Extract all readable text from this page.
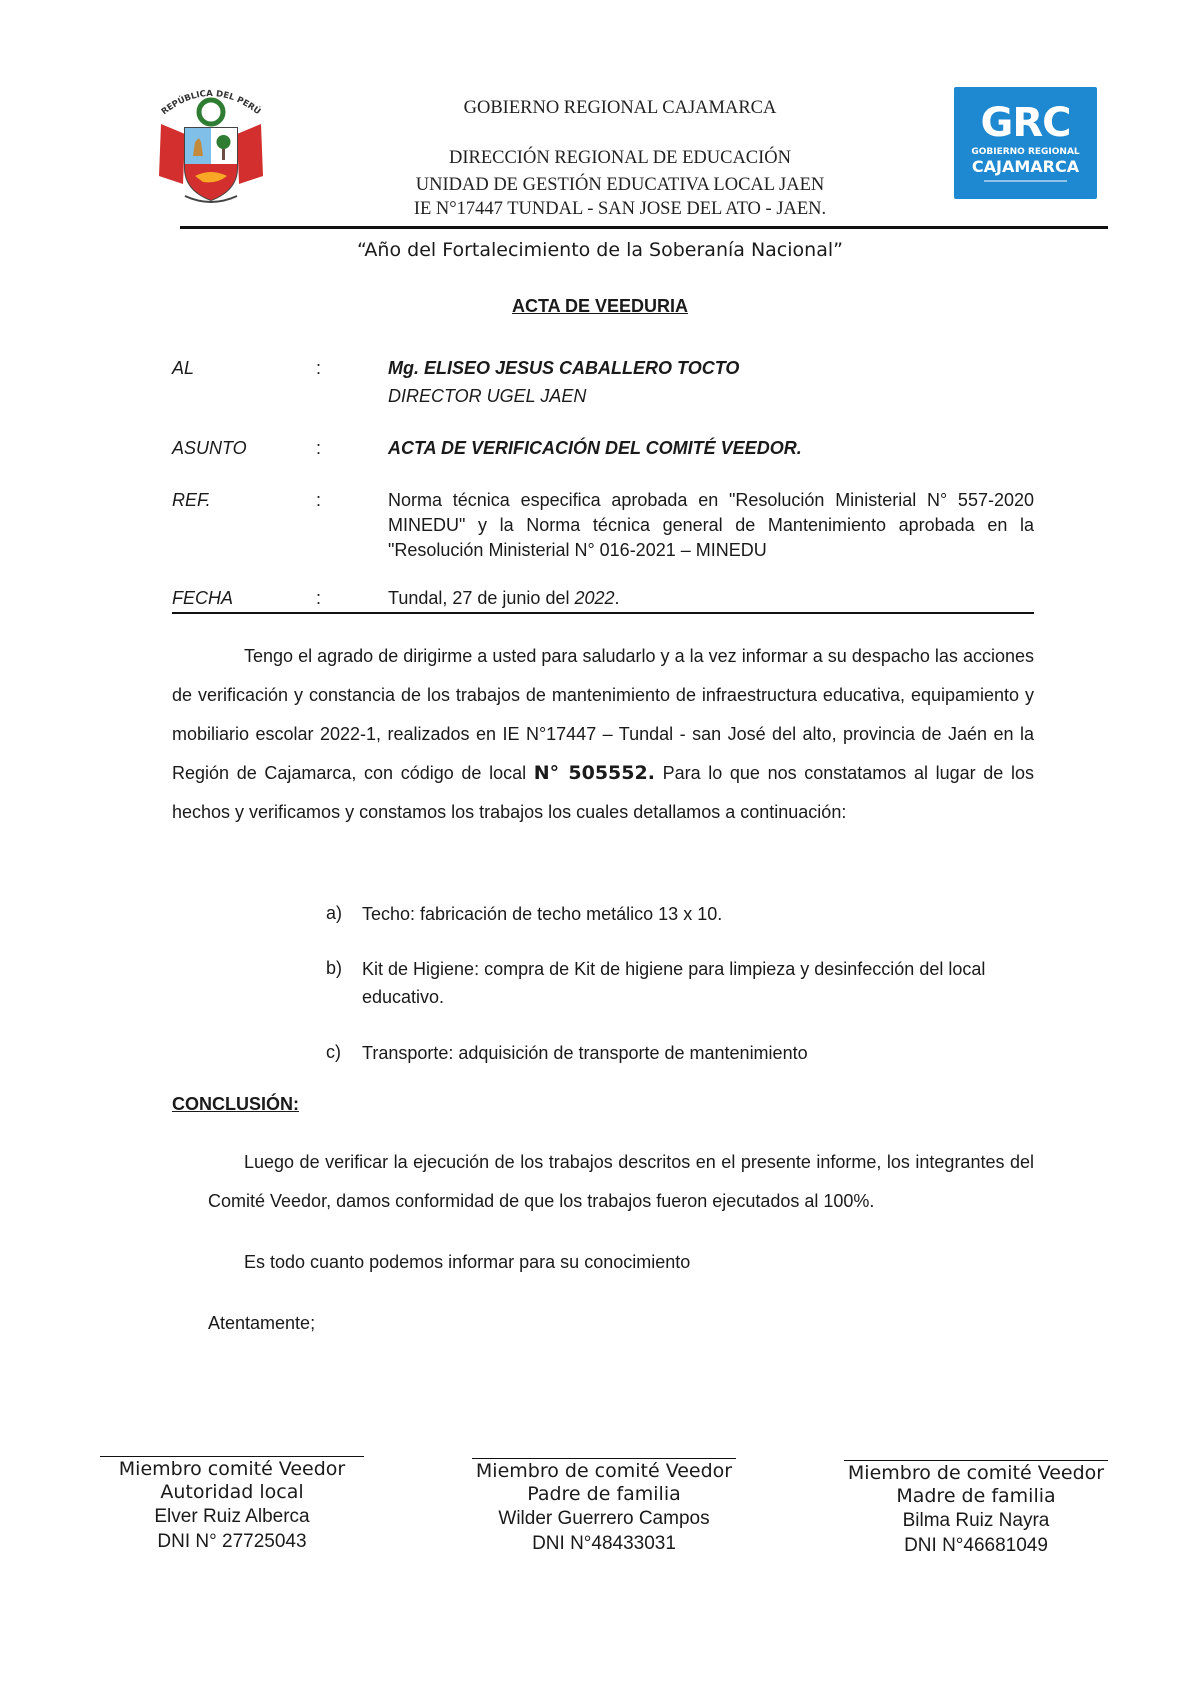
REPÚBLICA DEL PERÚ	GOBIERNO REGIONAL CAJAMARCA
DIRECCIÓN REGIONAL DE EDUCACIÓN
UNIDAD DE GESTIÓN EDUCATIVA LOCAL JAEN
IE N°17447 TUNDAL - SAN JOSE DEL ATO - JAEN.
GRC
GOBIERNO REGIONAL
CAJAMARCA
“Año del Fortalecimiento de la Soberanía Nacional”
ACTA DE VEEDURIA
AL	:	Mg. ELISEO JESUS CABALLERO TOCTO
DIRECTOR UGEL JAEN
ASUNTO	:	ACTA DE VERIFICACIÓN DEL COMITÉ VEEDOR.
REF.	:	Norma técnica especifica aprobada en "Resolución Ministerial N° 557-2020 MINEDU" y la Norma técnica general de Mantenimiento aprobada en la "Resolución Ministerial N° 016-2021 – MINEDU
FECHA	:	Tundal, 27 de junio del 2022.
Tengo el agrado de dirigirme a usted para saludarlo y a la vez informar a su despacho las acciones de verificación y constancia de los trabajos de mantenimiento de infraestructura educativa, equipamiento y mobiliario escolar 2022-1, realizados en IE N°17447 – Tundal - san José del alto, provincia de Jaén en la Región de Cajamarca, con código de local N° 505552. Para lo que nos constatamos al lugar de los hechos y verificamos y constamos los trabajos los cuales detallamos a continuación:
a) Techo: fabricación de techo metálico 13 x 10.
b) Kit de Higiene: compra de Kit de higiene para limpieza y desinfección del local educativo.
c) Transporte: adquisición de transporte de mantenimiento
CONCLUSIÓN:
Luego de verificar la ejecución de los trabajos descritos en el presente informe, los integrantes del Comité Veedor, damos conformidad de que los trabajos fueron ejecutados al 100%.
Es todo cuanto podemos informar para su conocimiento
Atentamente;
Miembro comité Veedor
Autoridad local
Elver Ruiz Alberca
DNI N° 27725043
Miembro de comité Veedor
Padre de familia
Wilder Guerrero Campos
DNI N°48433031
Miembro de comité Veedor
Madre de familia
Bilma Ruiz Nayra
DNI N°46681049
